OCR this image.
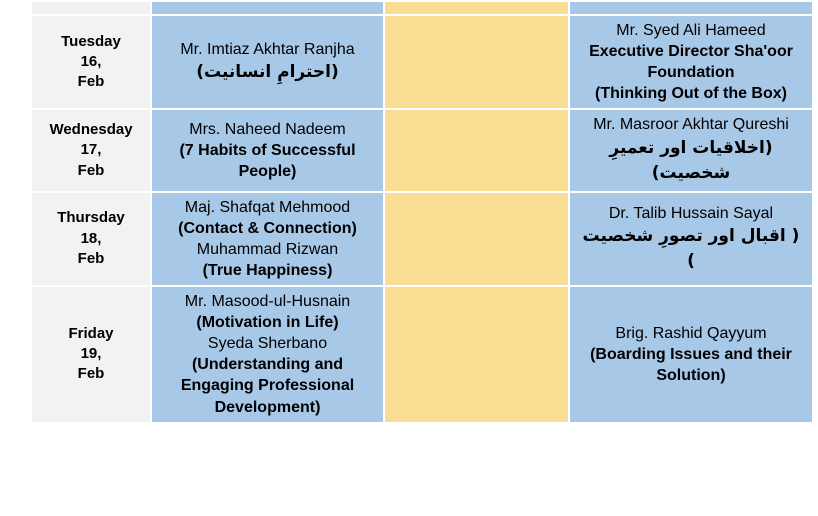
Tuesday
16,
Feb	Mr. Imtiaz Akhtar Ranjha
(احترامِ انسانیت)		Mr. Syed Ali Hameed
Executive Director Sha'oor Foundation
(Thinking Out of the Box)

Wednesday
17,
Feb	Mrs. Naheed Nadeem
(7 Habits of Successful People)		Mr. Masroor Akhtar Qureshi
(اخلاقیات اور تعمیرِ شخصیت)

Thursday
18,
Feb	Maj. Shafqat Mehmood
(Contact & Connection)
Muhammad Rizwan
(True Happiness)		Dr. Talib Hussain Sayal
( اقبال اور تصورِ شخصیت )

Friday
19,
Feb	Mr. Masood-ul-Husnain
(Motivation in Life)
Syeda Sherbano
(Understanding and Engaging Professional Development)		Brig. Rashid Qayyum
(Boarding Issues and their Solution)
